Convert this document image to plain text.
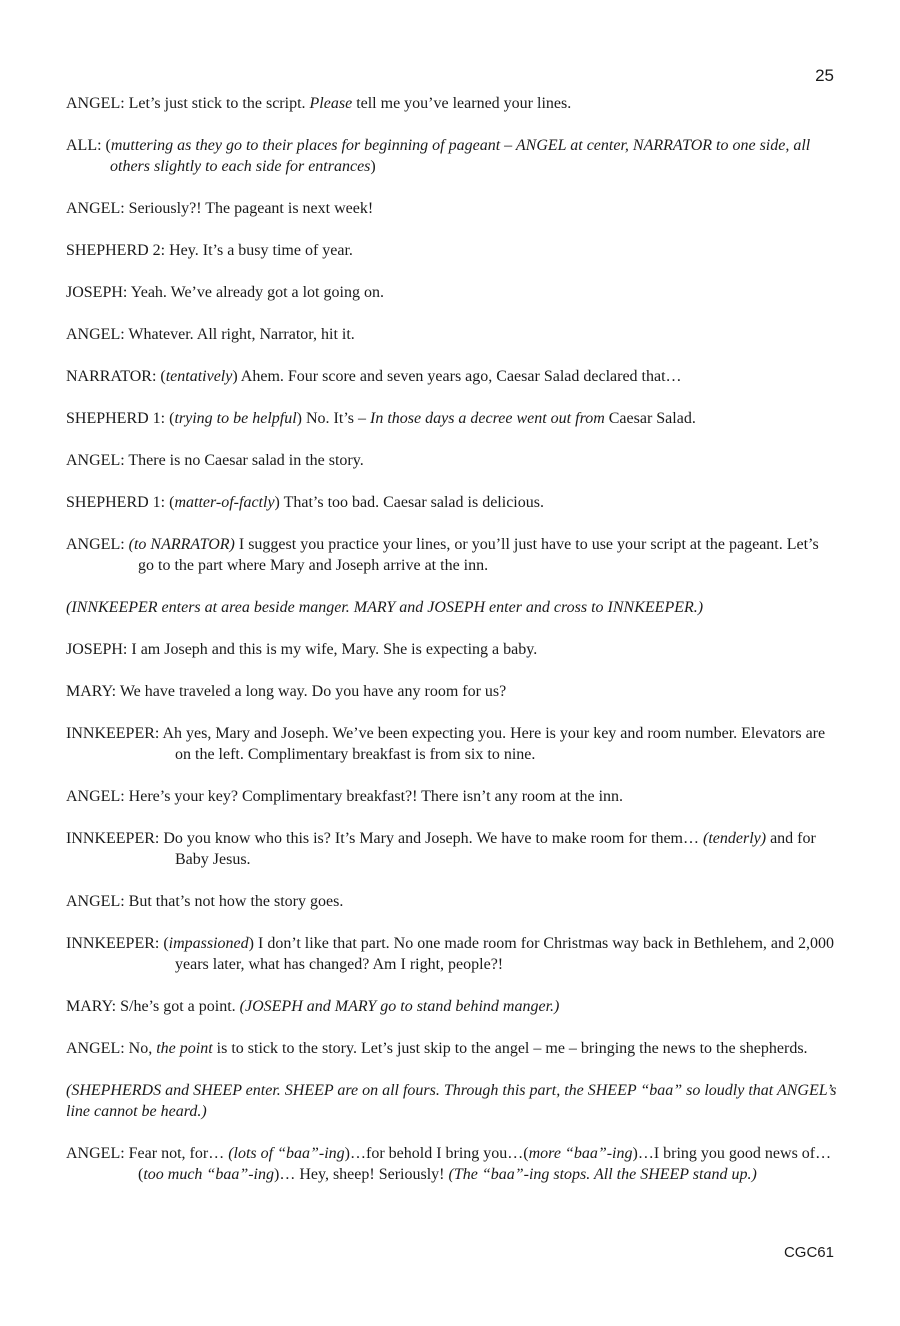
25

ANGEL: Let’s just stick to the script. Please tell me you’ve learned your lines.

ALL: (muttering as they go to their places for beginning of pageant – ANGEL at center, NARRATOR to one side, all others slightly to each side for entrances)

ANGEL: Seriously?! The pageant is next week!

SHEPHERD 2: Hey. It’s a busy time of year.

JOSEPH: Yeah. We’ve already got a lot going on.

ANGEL: Whatever. All right, Narrator, hit it.

NARRATOR: (tentatively) Ahem. Four score and seven years ago, Caesar Salad declared that…

SHEPHERD 1: (trying to be helpful) No. It’s – In those days a decree went out from Caesar Salad.

ANGEL: There is no Caesar salad in the story.

SHEPHERD 1: (matter-of-factly) That’s too bad. Caesar salad is delicious.

ANGEL: (to NARRATOR) I suggest you practice your lines, or you’ll just have to use your script at the pageant. Let’s go to the part where Mary and Joseph arrive at the inn.

(INNKEEPER enters at area beside manger. MARY and JOSEPH enter and cross to INNKEEPER.)

JOSEPH: I am Joseph and this is my wife, Mary. She is expecting a baby.

MARY: We have traveled a long way. Do you have any room for us?

INNKEEPER: Ah yes, Mary and Joseph. We’ve been expecting you. Here is your key and room number. Elevators are on the left. Complimentary breakfast is from six to nine.

ANGEL: Here’s your key? Complimentary breakfast?! There isn’t any room at the inn.

INNKEEPER: Do you know who this is? It’s Mary and Joseph. We have to make room for them… (tenderly) and for Baby Jesus.

ANGEL: But that’s not how the story goes.

INNKEEPER: (impassioned) I don’t like that part. No one made room for Christmas way back in Bethlehem, and 2,000 years later, what has changed? Am I right, people?!

MARY: S/he’s got a point. (JOSEPH and MARY go to stand behind manger.)

ANGEL: No, the point is to stick to the story. Let’s just skip to the angel – me – bringing the news to the shepherds.

(SHEPHERDS and SHEEP enter. SHEEP are on all fours. Through this part, the SHEEP “baa” so loudly that ANGEL’s line cannot be heard.)

ANGEL: Fear not, for… (lots of “baa”-ing)…for behold I bring you…(more “baa”-ing)…I bring you good news of…(too much “baa”-ing)… Hey, sheep! Seriously! (The “baa”-ing stops. All the SHEEP stand up.)

CGC61
